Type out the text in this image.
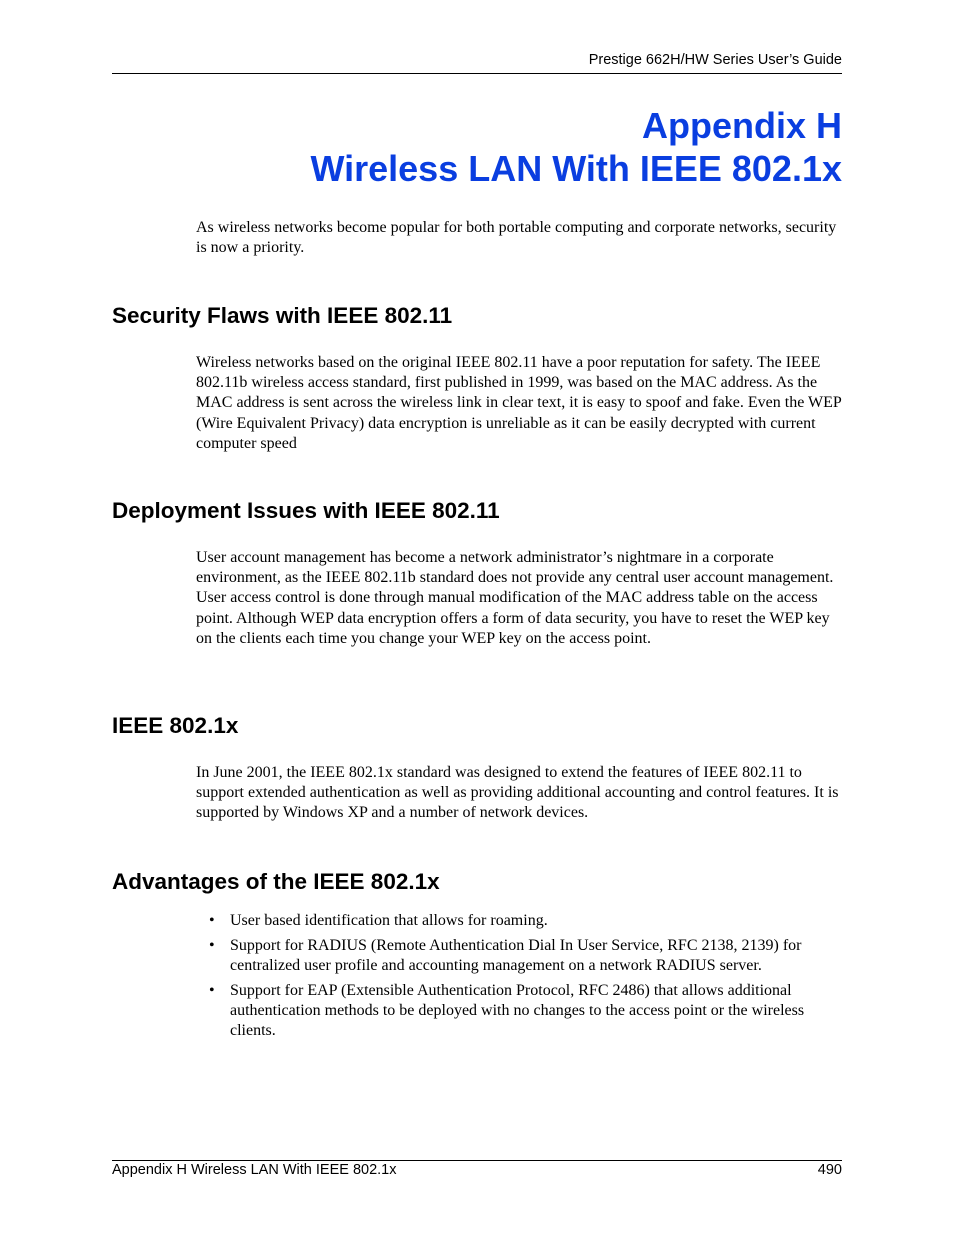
Prestige 662H/HW Series User’s Guide
Appendix H
Wireless LAN With IEEE 802.1x

As wireless networks become popular for both portable computing and corporate networks, security is now a priority.

Security Flaws with IEEE 802.11

Wireless networks based on the original IEEE 802.11 have a poor reputation for safety. The IEEE 802.11b wireless access standard, first published in 1999, was based on the MAC address. As the MAC address is sent across the wireless link in clear text, it is easy to spoof and fake. Even the WEP (Wire Equivalent Privacy) data encryption is unreliable as it can be easily decrypted with current computer speed

Deployment Issues with IEEE 802.11

User account management has become a network administrator’s nightmare in a corporate environment, as the IEEE 802.11b standard does not provide any central user account management. User access control is done through manual modification of the MAC address table on the access point. Although WEP data encryption offers a form of data security, you have to reset the WEP key on the clients each time you change your WEP key on the access point.

IEEE 802.1x

In June 2001, the IEEE 802.1x standard was designed to extend the features of IEEE 802.11 to support extended authentication as well as providing additional accounting and control features. It is supported by Windows XP and a number of network devices.

Advantages of the IEEE 802.1x
• User based identification that allows for roaming.
• Support for RADIUS (Remote Authentication Dial In User Service, RFC 2138, 2139) for centralized user profile and accounting management on a network RADIUS server.
• Support for EAP (Extensible Authentication Protocol, RFC 2486) that allows additional authentication methods to be deployed with no changes to the access point or the wireless clients.
Appendix H Wireless LAN With IEEE 802.1x	490
